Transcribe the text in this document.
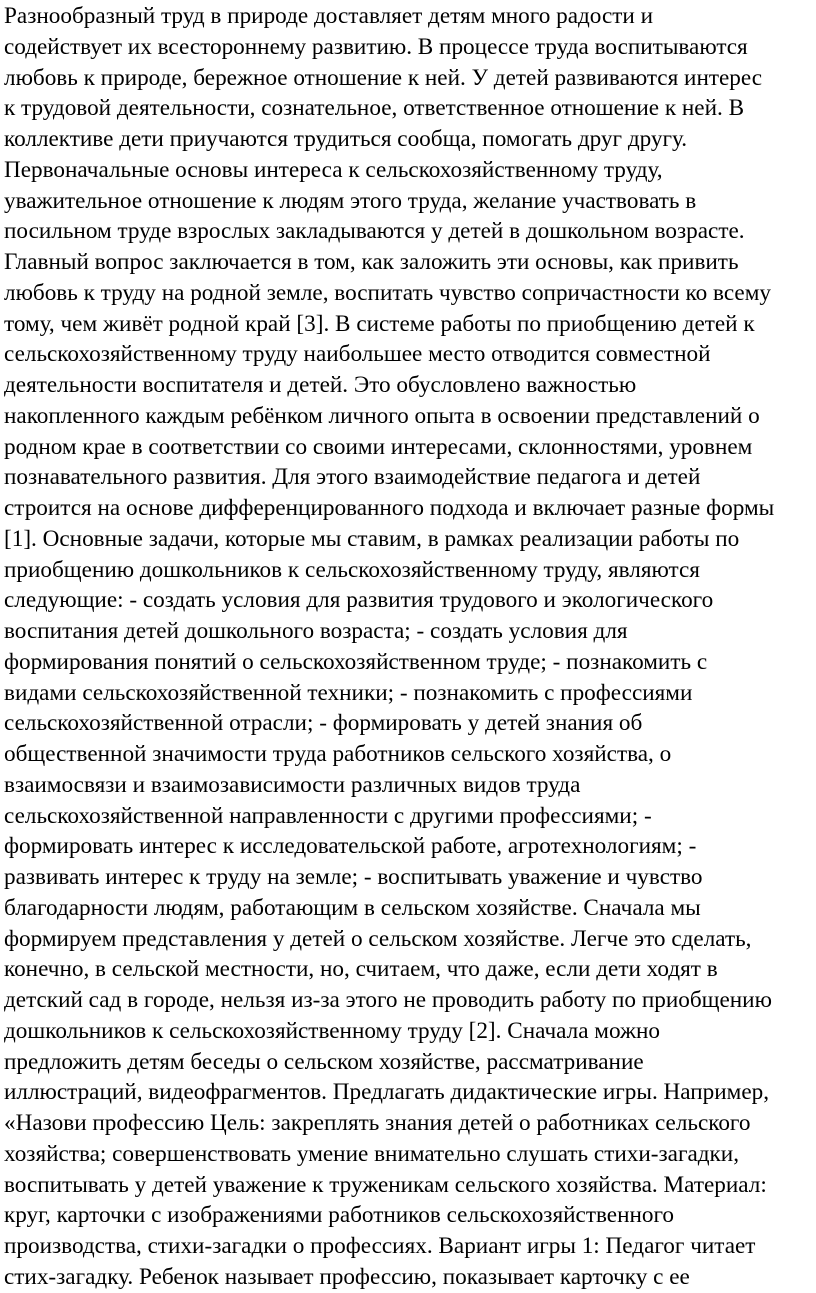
Разнообразный труд в природе доставляет детям много радости и
содействует их всестороннему развитию. В процессе труда воспитываются
любовь к природе, бережное отношение к ней. У детей развиваются интерес
к трудовой деятельности, сознательное, ответственное отношение к ней. В
коллективе дети приучаются трудиться сообща, помогать друг другу.
Первоначальные основы интереса к сельскохозяйственному труду,
уважительное отношение к людям этого труда, желание участвовать в
посильном труде взрослых закладываются у детей в дошкольном возрасте.
Главный вопрос заключается в том, как заложить эти основы, как привить
любовь к труду на родной земле, воспитать чувство сопричастности ко всему
тому, чем живёт родной край [3]. В системе работы по приобщению детей к
сельскохозяйственному труду наибольшее место отводится совместной
деятельности воспитателя и детей. Это обусловлено важностью
накопленного каждым ребёнком личного опыта в освоении представлений о
родном крае в соответствии со своими интересами, склонностями, уровнем
познавательного развития. Для этого взаимодействие педагога и детей
строится на основе дифференцированного подхода и включает разные формы
[1]. Основные задачи, которые мы ставим, в рамках реализации работы по
приобщению дошкольников к сельскохозяйственному труду, являются
следующие: - создать условия для развития трудового и экологического
воспитания детей дошкольного возраста; - создать условия для
формирования понятий о сельскохозяйственном труде; - познакомить с
видами сельскохозяйственной техники; - познакомить с профессиями
сельскохозяйственной отрасли; - формировать у детей знания об
общественной значимости труда работников сельского хозяйства, о
взаимосвязи и взаимозависимости различных видов труда
сельскохозяйственной направленности с другими профессиями; -
формировать интерес к исследовательской работе, агротехнологиям; -
развивать интерес к труду на земле; - воспитывать уважение и чувство
благодарности людям, работающим в сельском хозяйстве. Сначала мы
формируем представления у детей о сельском хозяйстве. Легче это сделать,
конечно, в сельской местности, но, считаем, что даже, если дети ходят в
детский сад в городе, нельзя из-за этого не проводить работу по приобщению
дошкольников к сельскохозяйственному труду [2]. Сначала можно
предложить детям беседы о сельском хозяйстве, рассматривание
иллюстраций, видеофрагментов. Предлагать дидактические игры. Например,
«Назови профессию Цель: закреплять знания детей о работниках сельского
хозяйства; совершенствовать умение внимательно слушать стихи-загадки,
воспитывать у детей уважение к труженикам сельского хозяйства. Материал:
круг, карточки с изображениями работников сельскохозяйственного
производства, стихи-загадки о профессиях. Вариант игры 1: Педагог читает
стих-загадку. Ребенок называет профессию, показывает карточку с ее
